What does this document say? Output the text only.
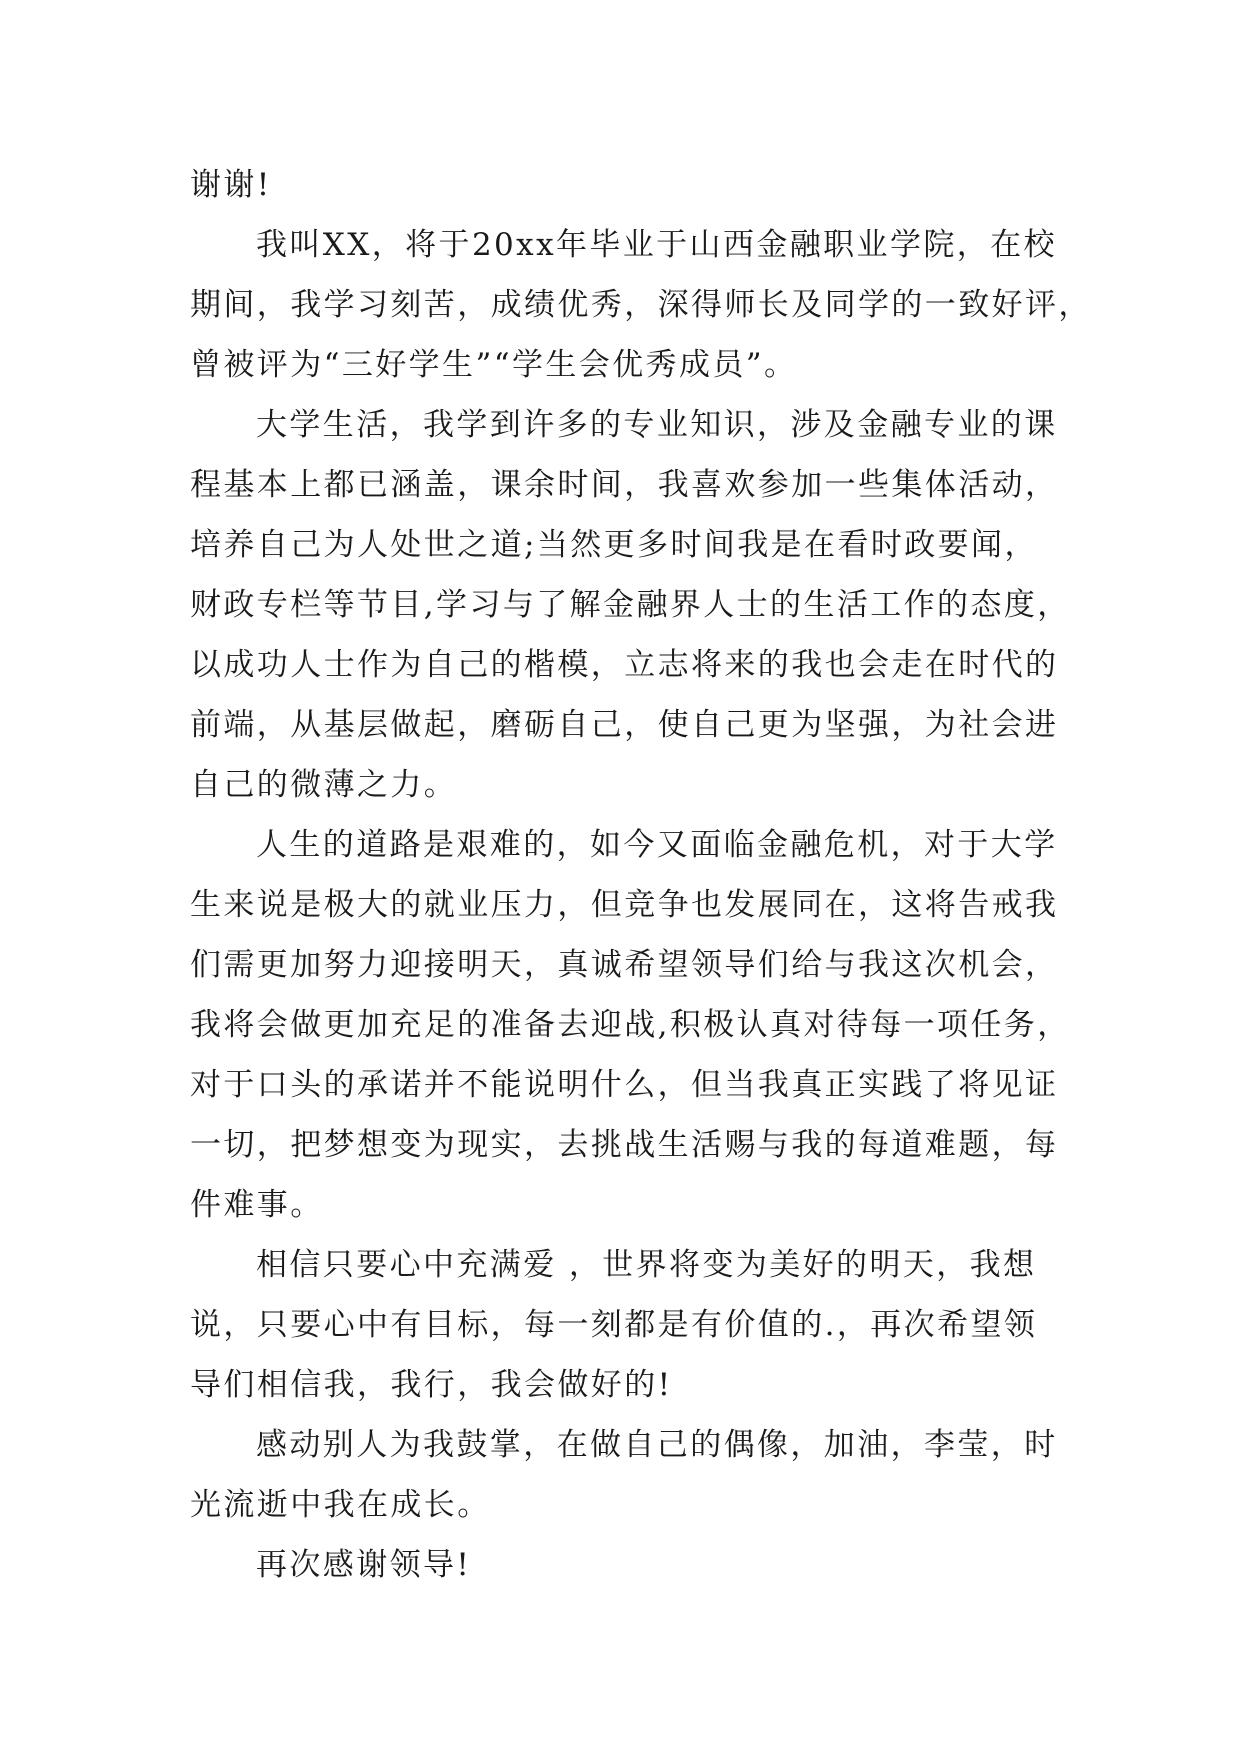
谢谢!
我叫XX，将于20xx年毕业于山西金融职业学院，在校
期间，我学习刻苦，成绩优秀，深得师长及同学的一致好评，
曾被评为“三好学生”“学生会优秀成员”。
大学生活，我学到许多的专业知识，涉及金融专业的课
程基本上都已涵盖，课余时间，我喜欢参加一些集体活动，
培养自己为人处世之道;当然更多时间我是在看时政要闻，
财政专栏等节目,学习与了解金融界人士的生活工作的态度，
以成功人士作为自己的楷模，立志将来的我也会走在时代的
前端，从基层做起，磨砺自己，使自己更为坚强，为社会进
自己的微薄之力。
人生的道路是艰难的，如今又面临金融危机，对于大学
生来说是极大的就业压力，但竞争也发展同在，这将告戒我
们需更加努力迎接明天，真诚希望领导们给与我这次机会，
我将会做更加充足的准备去迎战,积极认真对待每一项任务，
对于口头的承诺并不能说明什么，但当我真正实践了将见证
一切，把梦想变为现实，去挑战生活赐与我的每道难题，每
件难事。
相信只要心中充满爱 ，世界将变为美好的明天，我想
说，只要心中有目标，每一刻都是有价值的.，再次希望领
导们相信我，我行，我会做好的!
感动别人为我鼓掌，在做自己的偶像，加油，李莹，时
光流逝中我在成长。
再次感谢领导!
